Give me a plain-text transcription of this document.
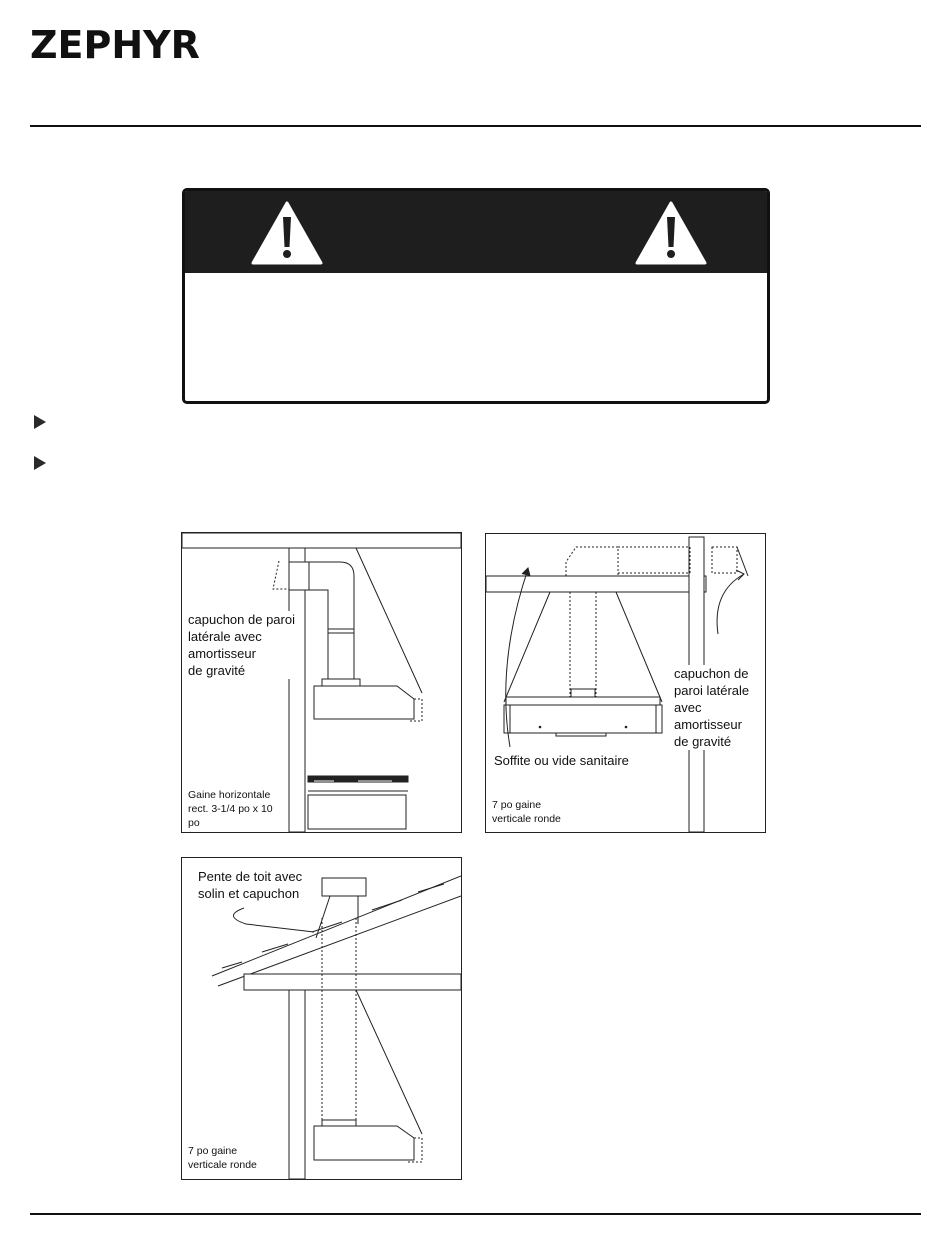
ZEPHYR
capuchon de paroi
latérale avec
amortisseur
de gravité
Gaine horizontale
rect. 3-1/4 po x 10
po
Soffite ou vide sanitaire
capuchon de
paroi latérale
avec
amortisseur
de gravité
7 po gaine
verticale ronde
Pente de toit avec
solin et capuchon
7 po gaine
verticale ronde
